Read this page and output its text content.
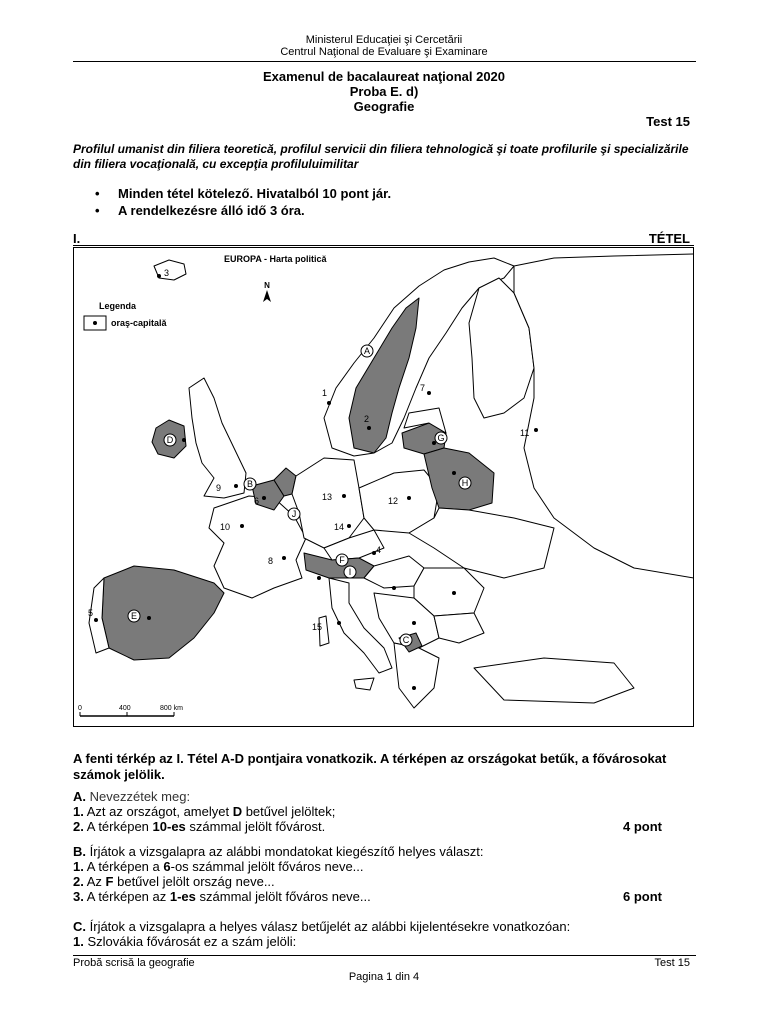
Ministerul Educaţiei şi Cercetării
Centrul Naţional de Evaluare şi Examinare
Examenul de bacalaureat naţional 2020
Proba E. d)
Geografie
Test 15
Profilul umanist din filiera teoretică, profilul servicii din filiera tehnologică şi toate profilurile şi specializările din filiera vocaţională, cu excepţia profiluluimilitar
• Minden tétel kötelező. Hivatalból 10 pont jár.
• A rendelkezésre álló idő 3 óra.
I.	TÉTEL
A
B
C
D
E
F
G
H
I
J
1
2
3
4
5
6
7
8
9
10
11
12
13
14
15
EUROPA - Harta politică
N
Legenda
oraş-capitală
0	400	800 km
A fenti térkép az I. Tétel A-D pontjaira vonatkozik. A térképen az országokat betűk, a fővárosokat számok jelölik.
A. Nevezzétek meg:
1. Azt az országot, amelyet D betűvel jelöltek;
2. A térképen 10-es számmal jelölt fővárost.	4 pont
B. Írjátok a vizsgalapra az alábbi mondatokat kiegészítő helyes választ:
1. A térképen a 6-os számmal jelölt főváros neve...
2. Az F betűvel jelölt ország neve...
3. A térképen az 1-es számmal jelölt főváros neve...	6 pont
C. Írjátok a vizsgalapra a helyes válasz betűjelét az alábbi kijelentésekre vonatkozóan:
1. Szlovákia fővárosát ez a szám jelöli:
Probă scrisă la geografie	Test 15
Pagina 1 din 4
